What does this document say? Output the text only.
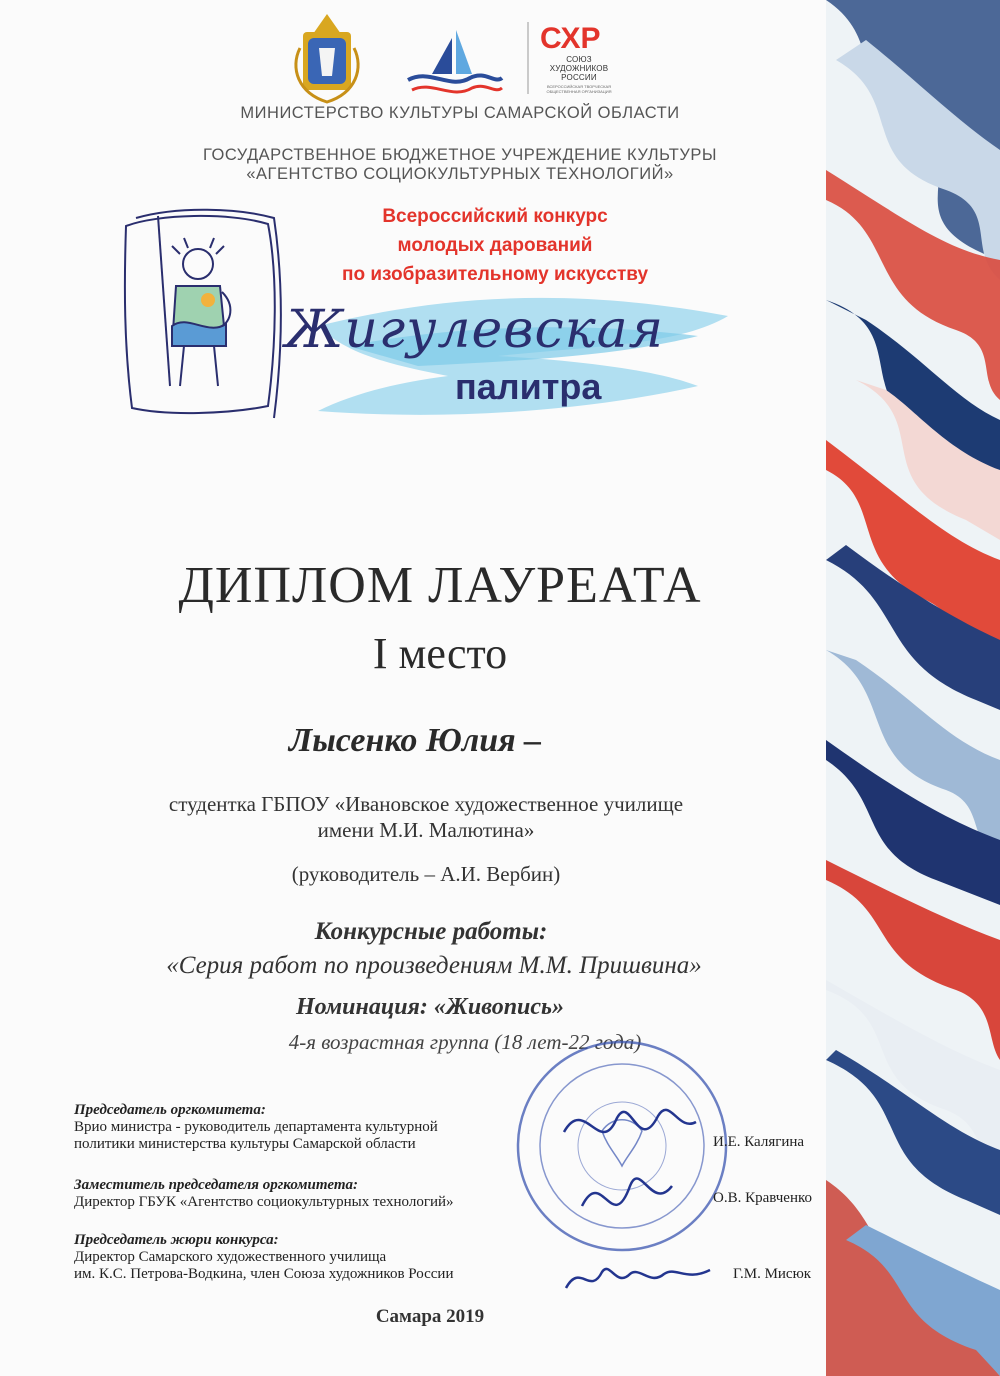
СХР
СОЮЗ ХУДОЖНИКОВ РОССИИ
ВСЕРОССИЙСКАЯ ТВОРЧЕСКАЯ ОБЩЕСТВЕННАЯ ОРГАНИЗАЦИЯ
МИНИСТЕРСТВО КУЛЬТУРЫ САМАРСКОЙ ОБЛАСТИ
ГОСУДАРСТВЕННОЕ БЮДЖЕТНОЕ УЧРЕЖДЕНИЕ КУЛЬТУРЫ
«АГЕНТСТВО СОЦИОКУЛЬТУРНЫХ ТЕХНОЛОГИЙ»
Всероссийский конкурс
молодых дарований
по изобразительному искусству
Жигулевская
палитра
ДИПЛОМ ЛАУРЕАТА
I место
Лысенко Юлия –
студентка ГБПОУ «Ивановское художественное училище
имени М.И. Малютина»
(руководитель – А.И. Вербин)
Конкурсные работы:
«Серия работ по произведениям М.М. Пришвина»
Номинация: «Живопись»
4-я возрастная группа (18 лет-22 года)
Председатель оргкомитета:
Врио министра - руководитель департамента культурной
политики министерства культуры Самарской области	И.Е. Калягина
Заместитель председателя оргкомитета:
Директор ГБУК «Агентство социокультурных технологий»	О.В. Кравченко
Председатель жюри конкурса:
Директор Самарского художественного училища
им. К.С. Петрова-Водкина, член Союза художников России	Г.М. Мисюк
Самара 2019
